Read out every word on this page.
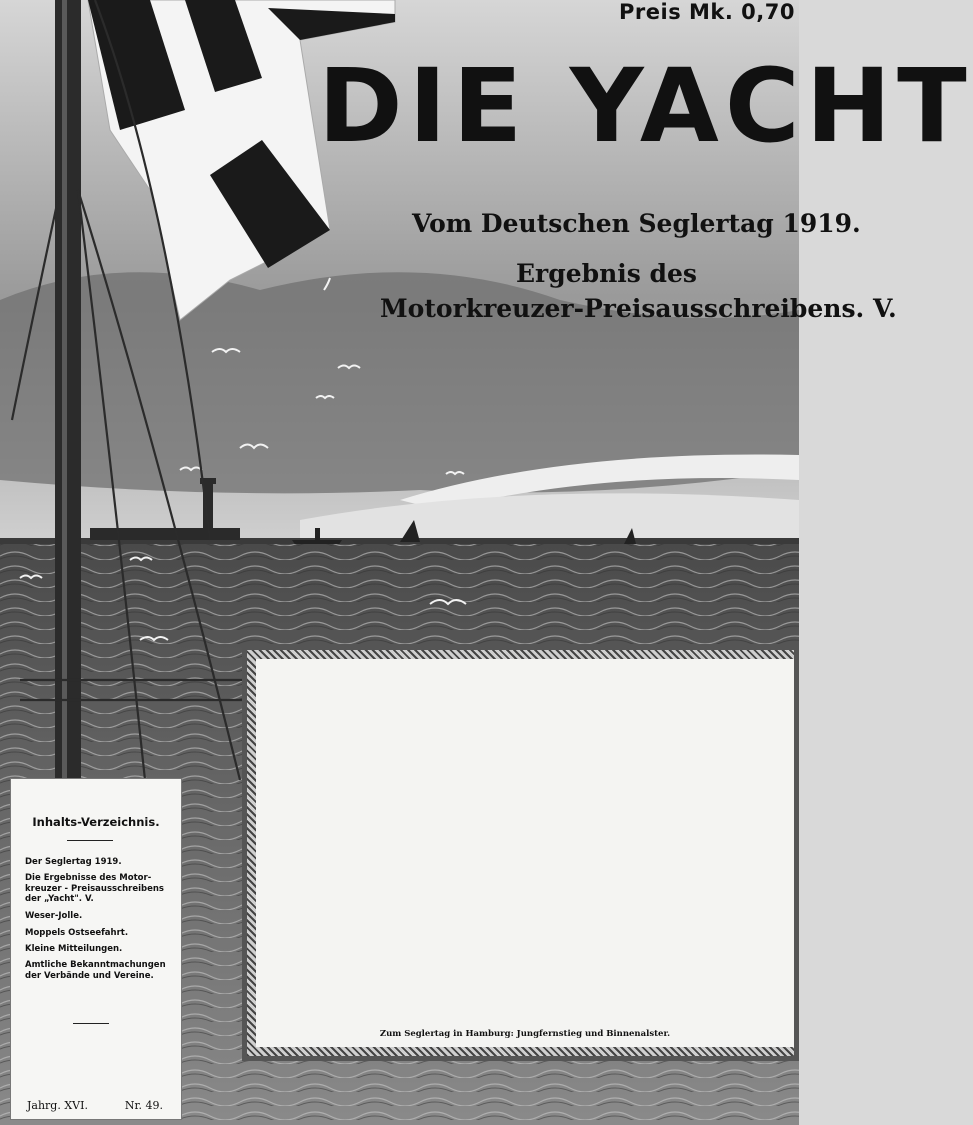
Preis Mk. 0,70
DIE YACHT
Vom Deutschen Seglertag 1919.
Ergebnis des
Motorkreuzer-Preisausschreibens. V.
Zum Seglertag in Hamburg: Jungfernstieg und Binnenalster.
Inhalts-Verzeichnis.
Der Seglertag 1919.
Die Ergebnisse des Motor-
kreuzer - Preisausschreibens
der „Yacht". V.
Weser-Jolle.
Moppels Ostseefahrt.
Kleine Mitteilungen.
Amtliche Bekanntmachungen
der Verbände und Vereine.
Jahrg. XVI.	Nr. 49.
